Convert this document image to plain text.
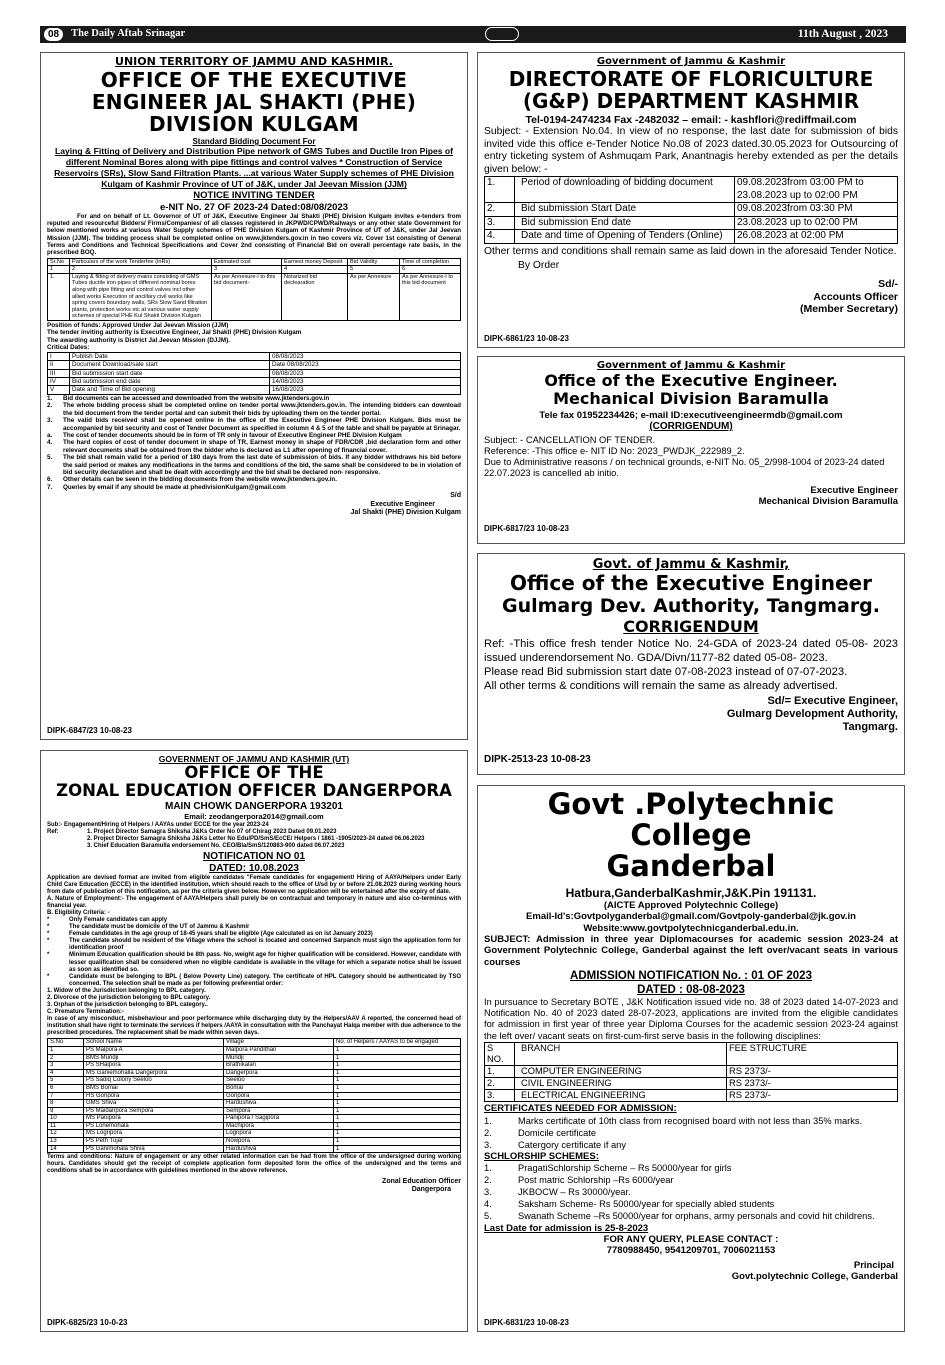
08	The Daily Aftab Srinagar	11th August , 2023
UNION TERRITORY OF JAMMU AND KASHMIR.
OFFICE OF THE EXECUTIVE ENGINEER JAL SHAKTI (PHE) DIVISION KULGAM
Standard Bidding Document For
Laying & Fitting of Delivery and Distribution Pipe network of GMS Tubes and Ductile Iron Pipes of different Nominal Bores along with pipe fittings and control valves * Construction of Service Reservoirs (SRs), Slow Sand Filtration Plants. ...at various Water Supply schemes of PHE Division Kulgam of Kashmir Province of UT of J&K, under Jal Jeevan Mission (JJM)
NOTICE INVITING TENDER
e-NIT No. 27 OF 2023-24 Dated:08/08/2023
For and on behalf of Lt. Governor of UT of J&K, Executive Engineer Jal Shakti (PHE) Division Kulgam invites e-tenders from reputed and resourceful Bidders/ Firms/Companies/ of all classes registered in JKPWD/CPWD/Railways or any other state Government for below mentioned works at various Water Supply schemes of PHE Division Kulgam of Kashmir Province of UT of J&K, under Jal Jeevan Mission (JJM). The bidding process shall be completed online on www.jktenders.gov.in in two covers viz. Cover 1st consisting of General Terms and Conditions and Technical Specifications and Cover 2nd consisting of Financial Bid on overall percentage rate basis, in the prescribed BOQ.
Sr.No	Particulars of the work Tenderfee (inRs)	Estimated cost	Earnest money Deposit	Bid Validity	Time of completion
1	2	3	4	5	6
1.	Laying & fitting of delivery mains consisting of GMS Tubes ductile iron pipes of different nominal bores along with pipe fitting and control valves incl other allied works Execution of ancillary civil works like spring covers boundary walls, SRs Slow Sand filtration plants, protection works etc at various water supply schemes of special PHE Kul Shakti Division Kulgam	As per Annexure-I to this bid document-	Notarized bid declearation	As per Annexure	As per Annexure-I to this bid document
Position of funds: Approved Under Jal Jeevan Mission (JJM)
The tender inviting authority is Executive Engineer, Jal Shakti (PHE) Division Kulgam
The awarding authority is District Jal Jeevan Mission (DJJM).
Critical Dates:
I	Publish Date	08/08/2023
Ii	Document Download/sale start	Date 08/08/2023
III	Bid submission start date	08/08/2023
IV	Bid submission end date	14/08/2023
V	Date and Time of Bid opening	16/08/2023
1.	Bid documents can be accessed and downloaded from the website www.jktenders.gov.in
2.	The whole bidding process shall be completed online on tender portal www.jktenders.gov.in. The intending bidders can download the bid document from the tender portal and can submit their bids by uploading them on the tender portal.
3.	The valid bids received shall be opened online in the office of the Executive Engineer PHE Division Kulgam. Bids must be accompanied by bid security and cost of Tender Document as specified in column 4 & 5 of the table and shall be payable at Srinagar.
a.	The cost of tender documents should be in form of TR only in favour of Executive Engineer PHE Division Kulgam
4.	The hard copies of cost of tender document in shape of TR, Earnest money in shape of FDR/CDR ,bid declaration form and other relevant documents shall be obtained from the bidder who is declared as L1 after opening of financial cover.
5.	The bid shall remain valid for a period of 180 days from the last date of submission of bids. If any bidder withdraws his bid before the said period or makes any modifications in the terms and conditions of the bid, the same shall be considered to be in violation of bid security declaration and shall be dealt with accordingly and the bid shall be declared non- responsive.
6.	Other details can be seen in the bidding documents from the website www.jktenders.gov.in.
7.	Queries by email if any should be made at phedivisionKulgam@gmail.com
S/d
Executive Engineer
Jal Shakti (PHE) Division Kulgam
DIPK-6847/23 10-08-23
GOVERNMENT OF JAMMU AND KASHMIR (UT)
OFFICE OF THE
ZONAL EDUCATION OFFICER DANGERPORA
MAIN CHOWK DANGERPORA 193201
Email: zeodangerpora2014@gmail.com
Sub:- Engagement/Hiring of Helpers / AAYAs under ECCE for the year 2023-24
Ref:	1. Project Director Samagra Shiksha J&Ks Order No 07 of Chirag 2023 Dated 09.01.2023
2. Project Director Samagra Shiksha J&Ks Letter No Edu/PD/SmS/EcCE/ Helpers / 1861 -1905/2023-24 dated 06.06.2023
3. Chief Education Baramulla endorsement No. CEO/Bla/SmS/120883-900 dated 06.07.2023
NOTIFICATION NO 01
DATED: 10.08.2023
Application are devised format are invited from eligible candidates "Female candidates for engagement/ Hiring of AAYA/Helpers under Early Child Care Education (ECCE) in the identified institution, which should reach to the office of U/sd by or before 21.08.2023 during working hours from date of publication of this notification, as per the criteria given below. However no application will be entertained after the expiry of date.
A. Nature of Employment:- The engagement of AAYA/Helpers shall purely be on contractual and temporary in nature and also co-terminus with financial year.
B. Eligibility Criteria: -
*	Only Female candidates can apply
*	The candidate must be domicile of the UT of Jammu & Kashmir
*	Female candidates in the age group of 18-45 years shall be eligible (Age calculated as on ist January 2023)
*	The candidate should be resident of the Village where the school is located and concerned Sarpanch must sign the application form for identification proof
*	Minimum Education qualification should be 8th pass. No, weight age for higher qualification will be considered. However, candidate with lesser qualification shall be considered when no eligible candidate is available in the village for which a separate notice shall be issued as soon as identified so.
*	Candidate must be belonging to BPL ( Below Poverty Line) category. The certificate of HPL Category should be authenticated by TSO concerned. The selection shall be made as per following preferential order:
1. Widow of the Jurisdiction belonging to BPL category.
2. Divorcee of the jurisdiction belonging to BPL category.
3. Orphan of the jurisdiction belonging to BPL category..
C. Premature Termination:-
In case of any misconduct, misbehaviour and poor performance while discharging duty by the Helpers/AAV A reported, the concerned head of institution shall have right to terminate the services if helpers /AAYA in consultation with the Panchayat Halqa member with due adherence to the prescribed procedures. The replacement shall be made within seven days.
S.No	School Name	Village	No. of Helpers / AAYAS to be engaged
1	PS Malpora A	Malpora Pandithan	1
2	BMS Mundji	Mundji	1
3	PS SHalpora	Brathikalan	1
4	MS Ganiemohalla Dangerpora	Dangerpora	1
5	PS Sadiq Colony Seeloo	Seeloo	1
6	BMS Bomai	Bomai	1
7	HS Goripora	Goripora	1
8	GMS Shiva	Hardushiva	1
9	PS Maidanpora Sempora	Sempora	1
10	MS Panipora	Panipora / Sagipora	1
11	PS Lonemohala	Machipora	1
12	MS Logripora	Logripora	1
13	PS Peth Tujar	Nowpora	1
14	PS Ganimohala Shiva	Hardushiva	1
Terms and conditions: Nature of engagement or any other related information can be had from the office of the undersigned during working hours. Candidates should get the receipt of complete application form deposited form the office of the undersigned and the terms and conditions shall be in accordance with guidelines mentioned in the above reference.
Zonal Education Officer
Dangerpora
DIPK-6825/23 10-0-23
Government of Jammu & Kashmir
DIRECTORATE OF FLORICULTURE
(G&P) DEPARTMENT KASHMIR
Tel-0194-2474234 Fax -2482032 – email: - kashflori@rediffmail.com
Subject: - Extension No.04. In view of no response, the last date for submission of bids invited vide this office e-Tender Notice No.08 of 2023 dated.30.05.2023 for Outsourcing of entry ticketing system of Ashmuqam Park, Anantnagis hereby extended as per the details given below: -
1.	Period of downloading of bidding document	09.08.2023from 03:00 PM to 23.08.2023 up to 02:00 PM
2.	Bid submission Start Date	09.08.2023from 03:30 PM
3.	Bid submission End date	23.08.2023 up to 02:00 PM
4.	Date and time of Opening of Tenders (Online)	26.08.2023 at 02:00 PM
Other terms and conditions shall remain same as laid down in the aforesaid Tender Notice.
By Order
Sd/-
Accounts Officer
(Member Secretary)
DIPK-6861/23 10-08-23
Government of Jammu & Kashmir
Office of the Executive Engineer.
Mechanical Division Baramulla
Tele fax 01952234426; e-mail ID:executiveengineermdb@gmail.com
(CORRIGENDUM)
Subject: - CANCELLATION OF TENDER.
Reference: -This office e- NIT ID No: 2023_PWDJK_222989_2.
Due to Administrative reasons / on technical grounds, e-NIT No. 05_2/998-1004 of 2023-24 dated 22.07.2023 is cancelled ab initio.
Executive Engineer
Mechanical Division Baramulla
DIPK-6817/23 10-08-23
Govt. of Jammu & Kashmir,
Office of the Executive Engineer
Gulmarg Dev. Authority, Tangmarg.
CORRIGENDUM
Ref: -This office fresh tender Notice No. 24-GDA of 2023-24 dated 05-08- 2023 issued underendorsement No. GDA/Divn/1177-82 dated 05-08- 2023.
Please read Bid submission start date 07-08-2023 instead of 07-07-2023.
All other terms & conditions will remain the same as already advertised.
Sd/= Executive Engineer,
Gulmarg Development Authority,
Tangmarg.
DIPK-2513-23 10-08-23
Govt .Polytechnic College
Ganderbal
Hatbura,GanderbalKashmir,J&K.Pin 191131.
(AICTE Approved Polytechnic College)
Email-Id's:Govtpolyganderbal@gmail.com/Govtpoly-ganderbal@jk.gov.in
Website:www.govtpolytechnicganderbal.edu.in.
SUBJECT: Admission in three year Diplomacourses for academic session 2023-24 at Government Polytechnic College, Ganderbal against the left over/vacant seats in various courses
ADMISSION NOTIFICATION No. : 01 OF 2023
DATED : 08-08-2023
In pursuance to Secretary BOTE , J&K Notification issued vide no. 38 of 2023 dated 14-07-2023 and Notification No. 40 of 2023 dated 28-07-2023, applications are invited from the eligible candidates for admission in first year of three year Diploma Courses for the academic session 2023-24 against the left over/ vacant seats on first-cum-first serve basis in the following disciplines:
S NO.	BRANCH	FEE STRUCTURE
1.	COMPUTER ENGINEERING	RS 2373/-
2.	CIVIL ENGINEERING	RS 2373/-
3.	ELECTRICAL ENGINEERING	RS 2373/-
CERTIFICATES NEEDED FOR ADMISSION:
1.	Marks certificate of 10th class from recognised board with not less than 35% marks.
2.	Domicile certificate
3.	Catergory certificate if any
SCHLORSHIP SCHEMES:
1.	PragatiSchlorship Scheme – Rs 50000/year for girls
2.	Post matric Schlorship –Rs 6000/year
3.	JKBOCW – Rs 30000/year.
4.	Saksham Scheme- Rs 50000/year for specially abled students
5.	Swanath Scheme –Rs 50000/year for orphans, army personals and covid hit childrens.
Last Date for admission is 25-8-2023
FOR ANY QUERY, PLEASE CONTACT :
7780988450, 9541209701, 7006021153
Principal
Govt.polytechnic College, Ganderbal
DIPK-6831/23 10-08-23
